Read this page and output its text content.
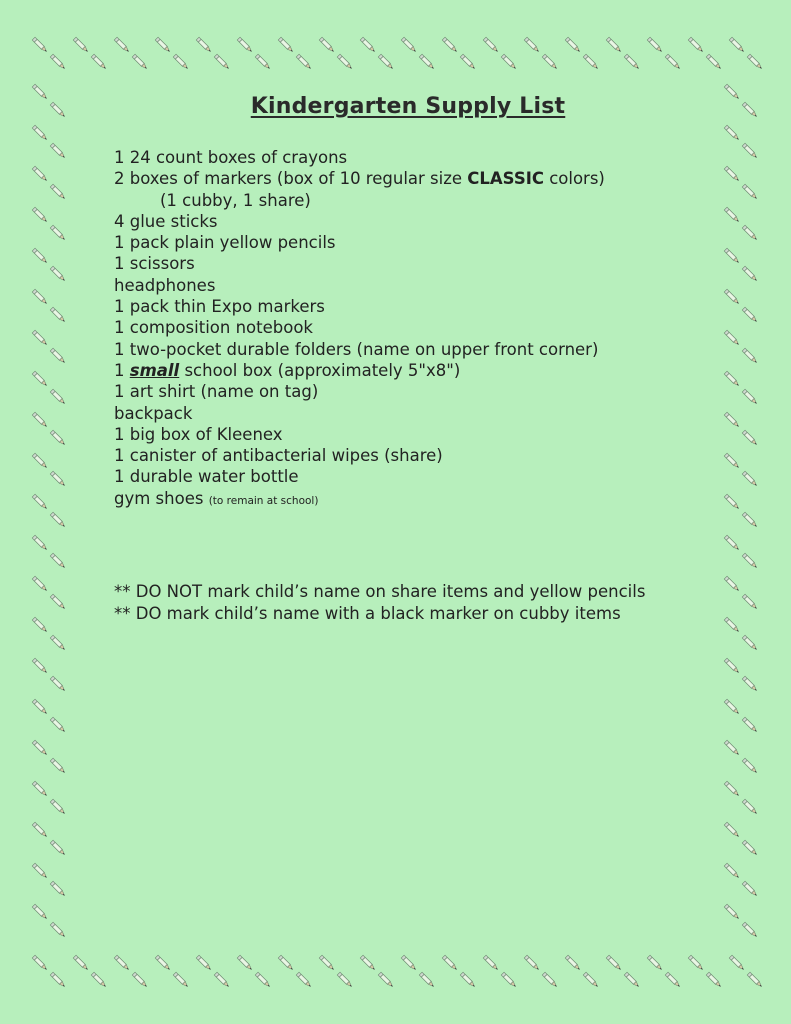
Kindergarten Supply List
1 24 count boxes of crayons
2 boxes of markers (box of 10 regular size CLASSIC colors)
(1 cubby, 1 share)
4 glue sticks
1 pack plain yellow pencils
1 scissors
headphones
1 pack thin Expo markers
1 composition notebook
1 two-pocket durable folders (name on upper front corner)
1 small school box (approximately 5"x8")
1 art shirt (name on tag)
backpack
1 big box of Kleenex
1 canister of antibacterial wipes (share)
1 durable water bottle
gym shoes (to remain at school)
** DO NOT mark child’s name on share items and yellow pencils
** DO mark child’s name with a black marker on cubby items
